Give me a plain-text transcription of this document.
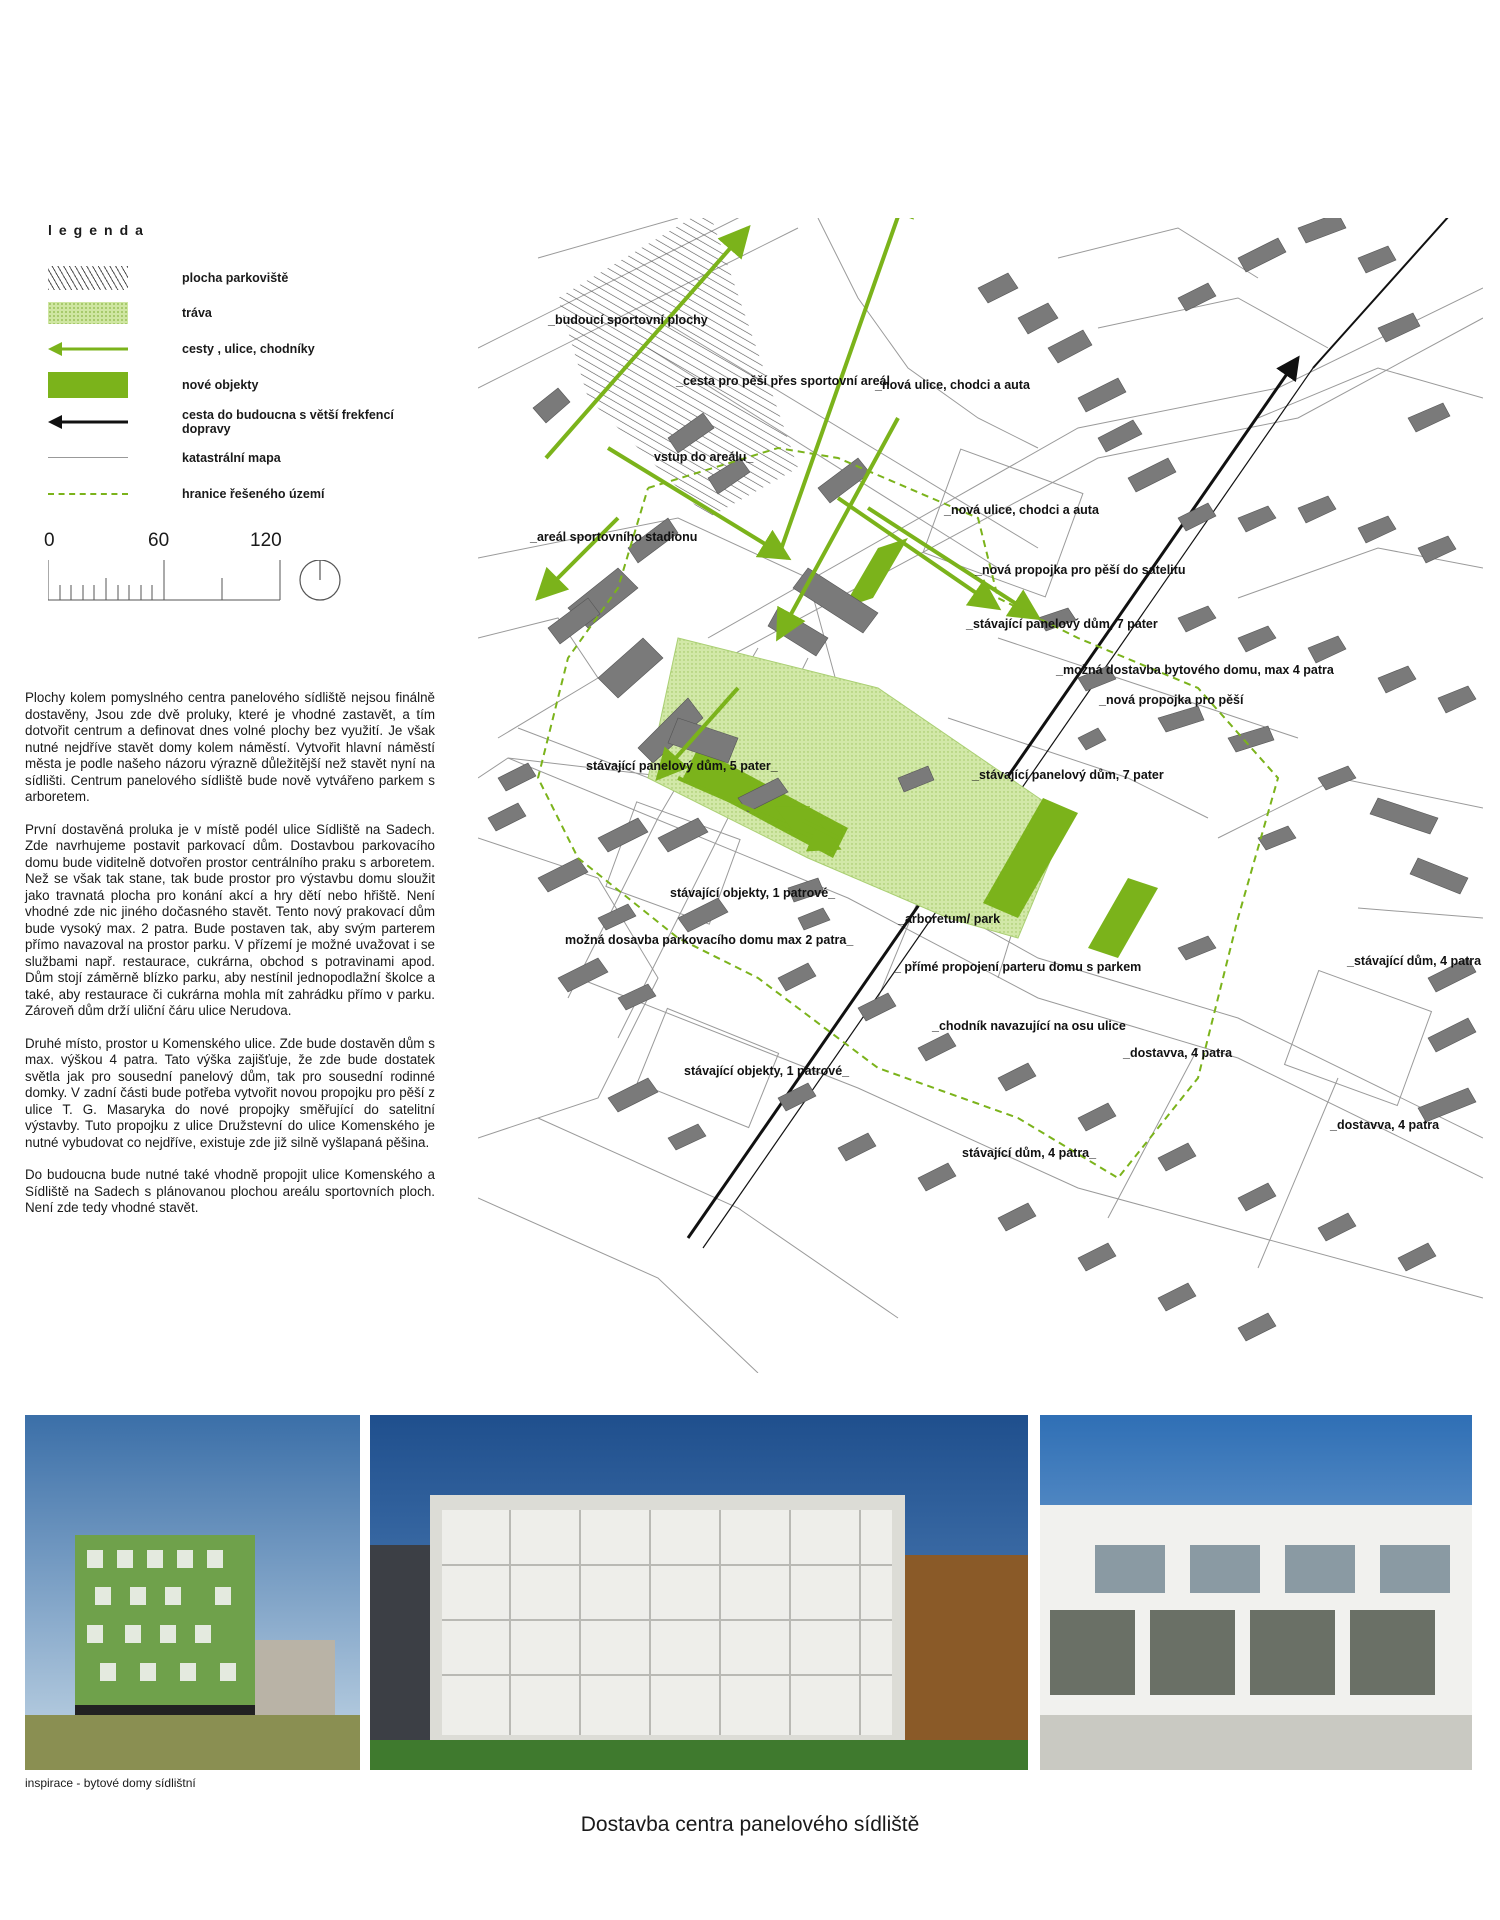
legenda
plocha parkoviště
tráva
cesty , ulice, chodníky
nové objekty
cesta do budoucna s větší frekfencí dopravy
katastrální mapa
hranice řešeného území
0	60	120

Plochy kolem pomyslného centra panelového sídliště nejsou finálně dostavěny, Jsou zde dvě proluky, které je vhodné zastavět, a tím dotvořit centrum a definovat dnes volné plochy bez využití. Je však nutné nejdříve stavět domy kolem náměstí. Vytvořit hlavní náměstí města je podle našeho názoru výrazně důležitější než stavět nyní na sídlišti. Centrum panelového sídliště bude nově vytvářeno parkem s arboretem.

První dostavěná proluka je v místě podél ulice Sídliště na Sadech. Zde navrhujeme postavit parkovací dům. Dostavbou parkovacího domu bude viditelně dotvořen prostor centrálního praku s arboretem. Než se však tak stane, tak bude prostor pro výstavbu domu sloužit jako travnatá plocha pro konání akcí a hry dětí nebo hřiště. Není vhodné zde nic jiného dočasného stavět. Tento nový prakovací dům bude vysoký max. 2 patra. Bude postaven tak, aby svým parterem přímo navazoval na prostor parku. V přízemí je možné uvažovat i se službami např. restaurace, cukrárna, obchod s potravinami apod. Dům stojí záměrně blízko parku, aby nestínil jednopodlažní školce a také, aby restaurace či cukrárna mohla mít zahrádku přímo v parku. Zároveň dům drží uliční čáru ulice Nerudova.

Druhé místo, prostor u Komenského ulice. Zde bude dostavěn dům s max. výškou 4 patra. Tato výška zajišťuje, že zde bude dostatek světla jak pro sousední panelový dům, tak pro sousední rodinné domky. V zadní části bude potřeba vytvořit novou propojku pro pěší z ulice T. G. Masaryka do nové propojky směřující do satelitní výstavby. Tuto propojku z ulice Družstevní do ulice Komenského je nutné vybudovat co nejdříve, existuje zde již silně vyšlapaná pěšina.

Do budoucna bude nutné také vhodně propojit ulice Komenského a Sídliště na Sadech s plánovanou plochou areálu sportovních ploch. Není zde tedy vhodné stavět.

_budoucí sportovní plochy
_cesta pro pěší přes sportovní areál
_nová ulice, chodci a auta
vstup do areálu_
_areál sportovního stadionu
_nová ulice, chodci a auta
_nová propojka pro pěší do satelitu
_stávající panelový dům, 7 pater
_možná dostavba bytového domu, max 4 patra
_nová propojka pro pěší
stávající panelový dům, 5 pater_
_stávající panelový dům, 7 pater
stávající objekty, 1 patrové_
_arboretum/ park
možná dosavba parkovacího domu max 2 patra_
_ přímé propojení parteru domu s parkem	_stávající dům, 4 patra
_chodník navazující na osu ulice
_dostavva, 4 patra
stávající objekty, 1 patrové_
_dostavva, 4 patra
stávající dům, 4 patra_
inspirace - bytové domy sídlištní
Dostavba centra panelového sídliště
